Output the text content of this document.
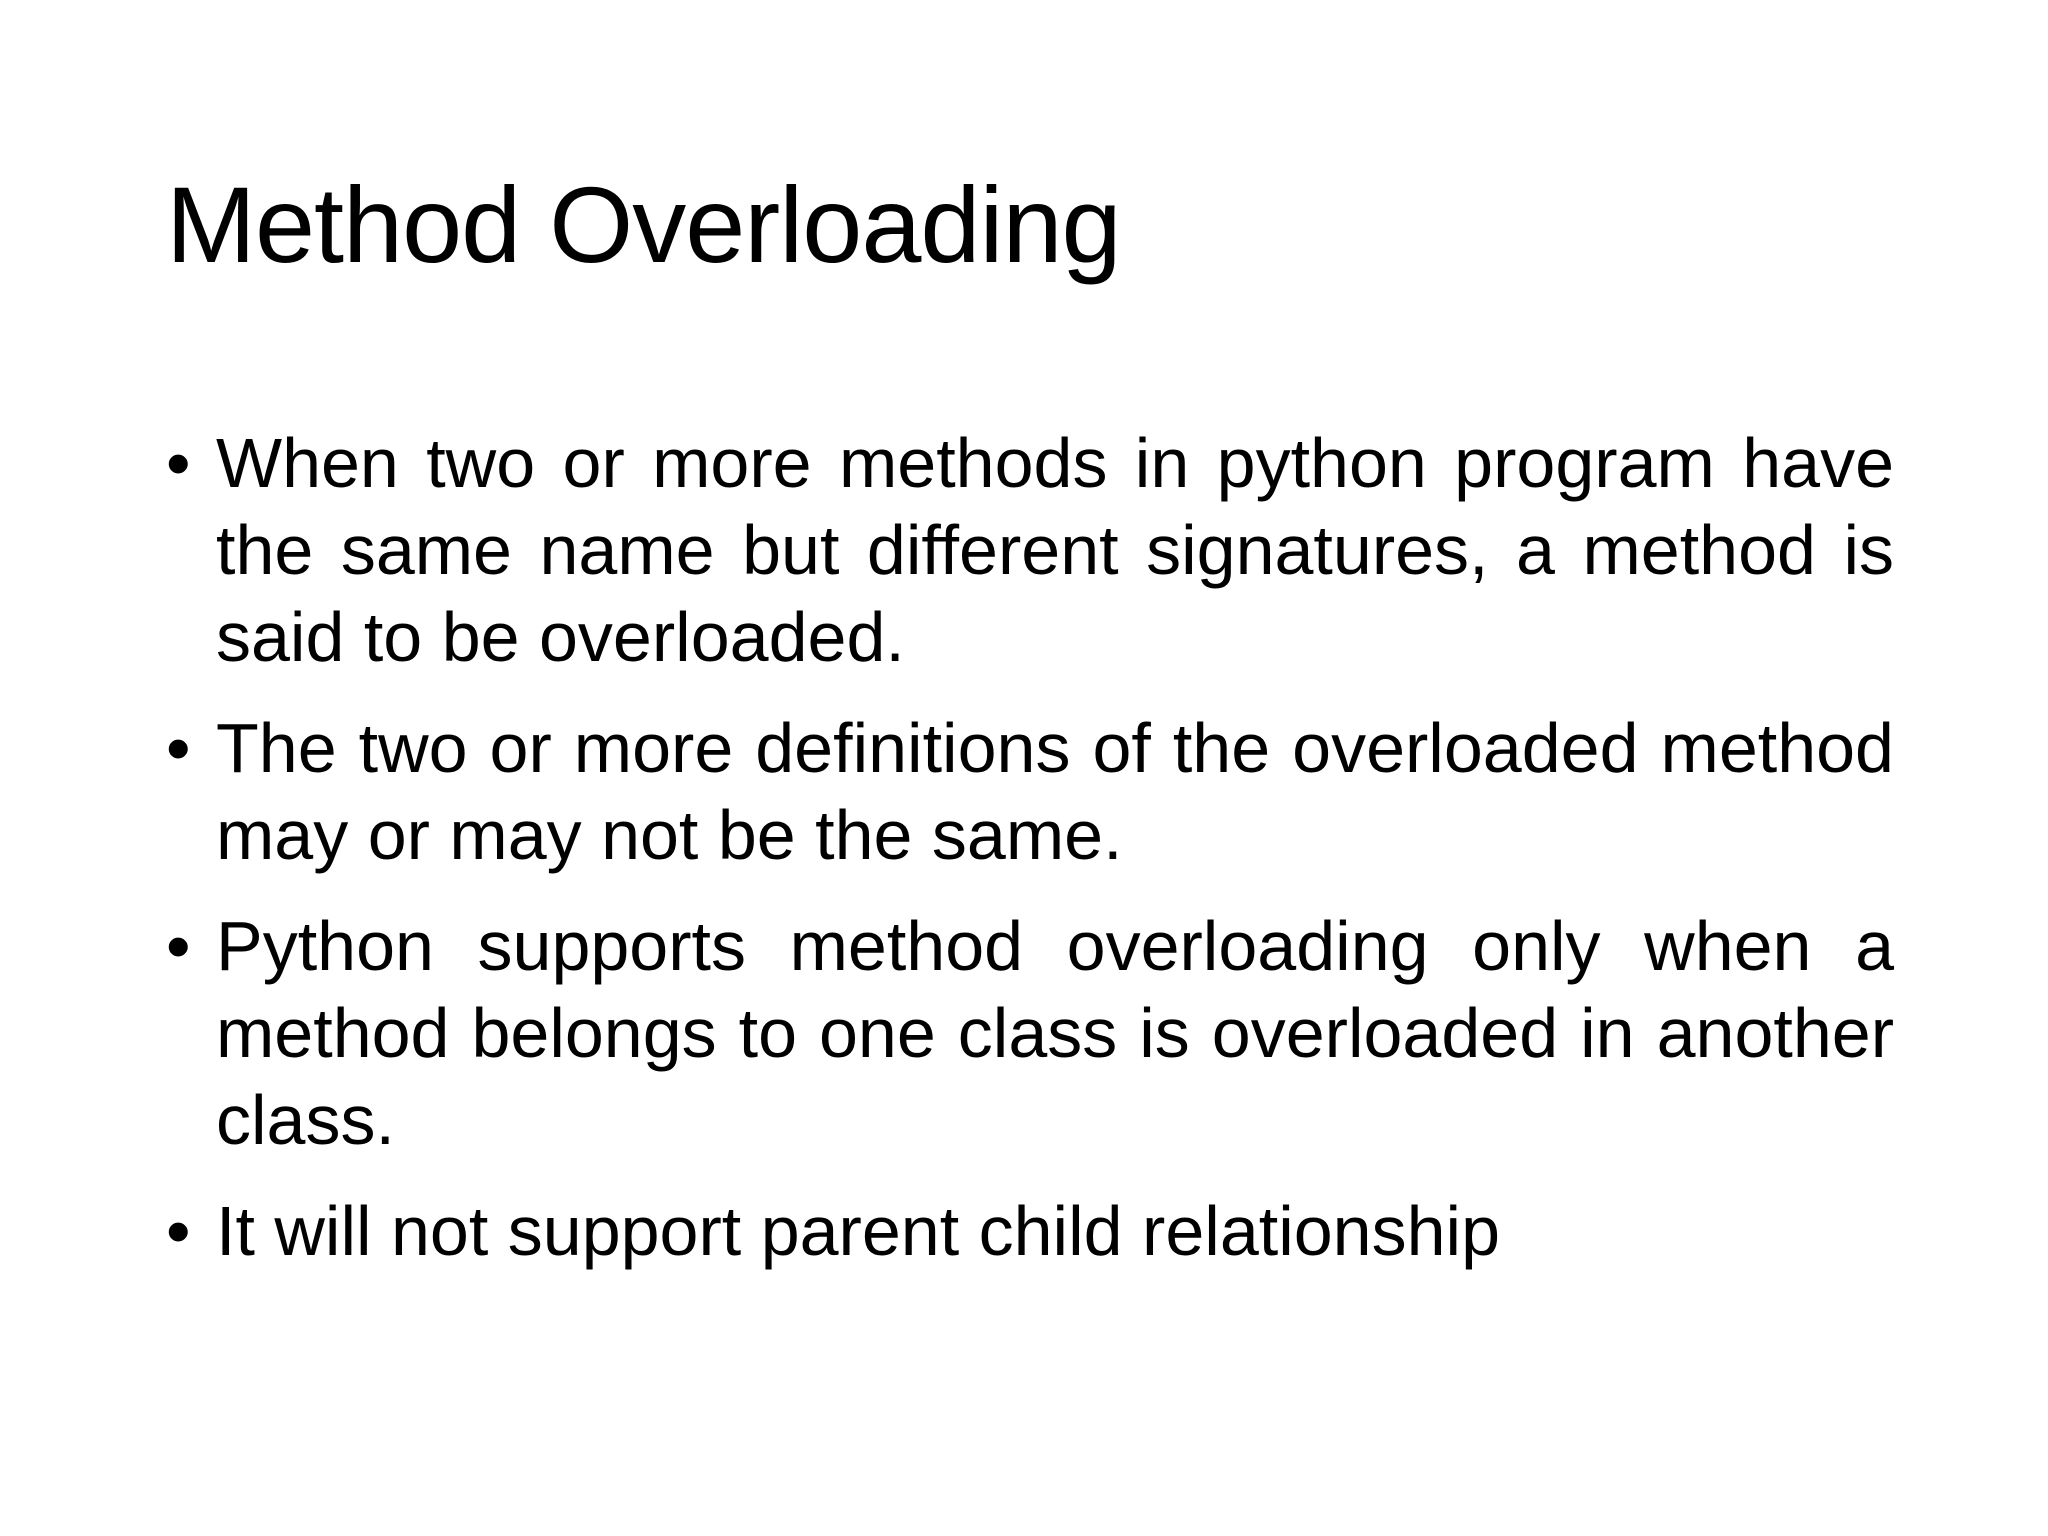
Method Overloading
• When two or more methods in python program have the same name but different signatures, a method is said to be overloaded.
• The two or more definitions of the overloaded method may or may not be the same.
• Python supports method overloading only when a method belongs to one class is overloaded in another class.
• It will not support parent child relationship
